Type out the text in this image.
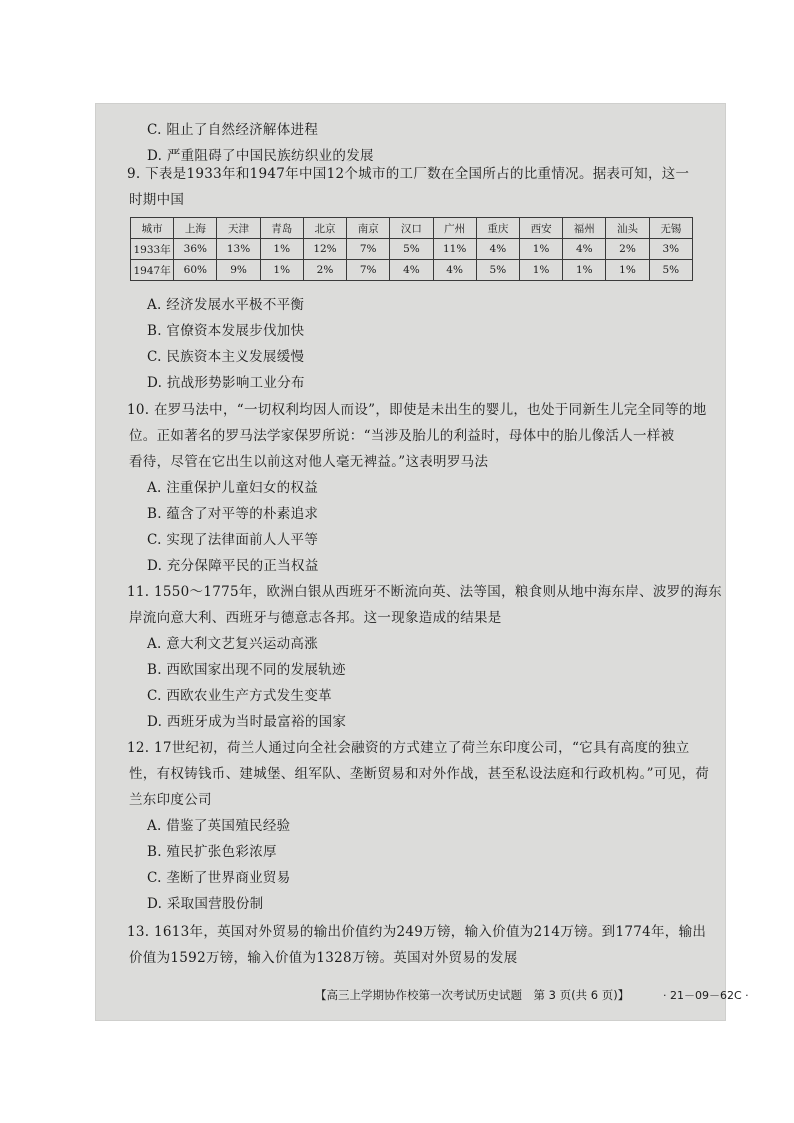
C. 阻止了自然经济解体进程
D. 严重阻碍了中国民族纺织业的发展
9. 下表是1933年和1947年中国12个城市的工厂数在全国所占的比重情况。据表可知，这一
时期中国
城市	上海	天津	青岛	北京	南京	汉口	广州	重庆	西安	福州	汕头	无锡
1933年	36%	13%	1%	12%	7%	5%	11%	4%	1%	4%	2%	3%
1947年	60%	9%	1%	2%	7%	4%	4%	5%	1%	1%	1%	5%
A. 经济发展水平极不平衡
B. 官僚资本发展步伐加快
C. 民族资本主义发展缓慢
D. 抗战形势影响工业分布
10. 在罗马法中，“一切权利均因人而设”，即使是未出生的婴儿，也处于同新生儿完全同等的地
位。正如著名的罗马法学家保罗所说：“当涉及胎儿的利益时，母体中的胎儿像活人一样被
看待，尽管在它出生以前这对他人毫无裨益。”这表明罗马法
A. 注重保护儿童妇女的权益
B. 蕴含了对平等的朴素追求
C. 实现了法律面前人人平等
D. 充分保障平民的正当权益
11. 1550～1775年，欧洲白银从西班牙不断流向英、法等国，粮食则从地中海东岸、波罗的海东
岸流向意大利、西班牙与德意志各邦。这一现象造成的结果是
A. 意大利文艺复兴运动高涨
B. 西欧国家出现不同的发展轨迹
C. 西欧农业生产方式发生变革
D. 西班牙成为当时最富裕的国家
12. 17世纪初，荷兰人通过向全社会融资的方式建立了荷兰东印度公司，“它具有高度的独立
性，有权铸钱币、建城堡、组军队、垄断贸易和对外作战，甚至私设法庭和行政机构。”可见，荷
兰东印度公司
A. 借鉴了英国殖民经验
B. 殖民扩张色彩浓厚
C. 垄断了世界商业贸易
D. 采取国营股份制
13. 1613年，英国对外贸易的输出价值约为249万镑，输入价值为214万镑。到1774年，输出
价值为1592万镑，输入价值为1328万镑。英国对外贸易的发展
【高三上学期协作校第一次考试历史试题　第 3 页(共 6 页)】	· 21－09－62C ·
